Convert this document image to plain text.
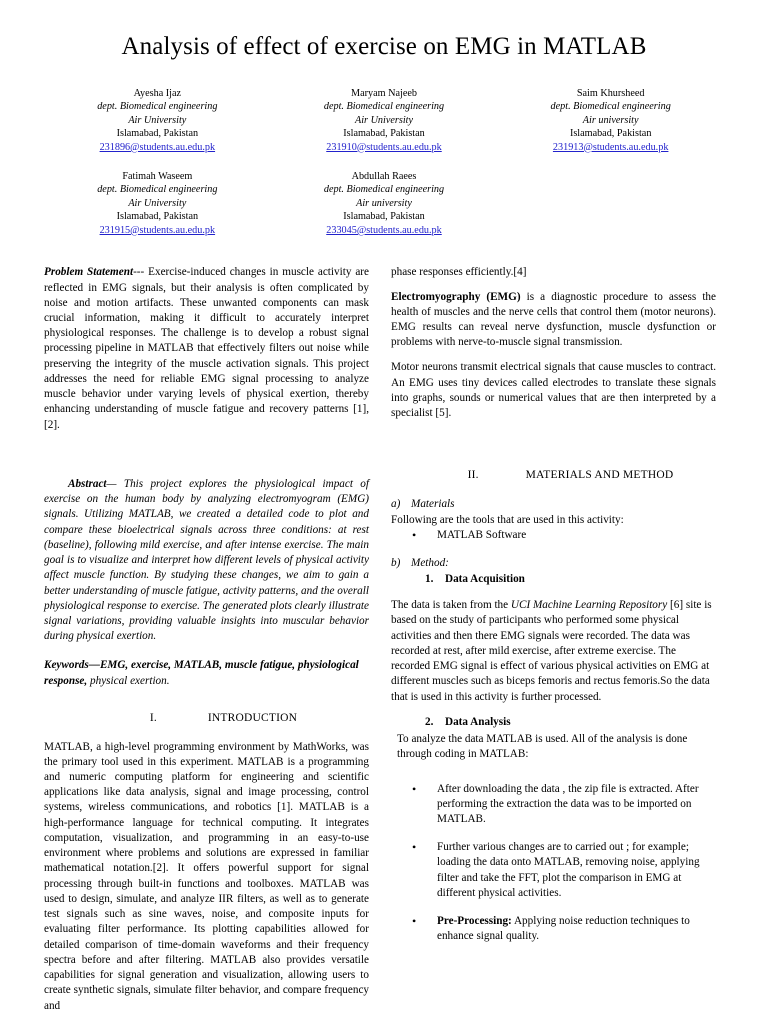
Analysis of effect of exercise on EMG in MATLAB
Ayesha Ijaz
dept. Biomedical engineering
Air University
Islamabad, Pakistan
231896@students.au.edu.pk
Maryam Najeeb
dept. Biomedical engineering
Air University
Islamabad, Pakistan
231910@students.au.edu.pk
Saim Khursheed
dept. Biomedical engineering
Air university
Islamabad, Pakistan
231913@students.au.edu.pk
Fatimah Waseem
dept. Biomedical engineering
Air University
Islamabad, Pakistan
231915@students.au.edu.pk
Abdullah Raees
dept. Biomedical engineering
Air university
Islamabad, Pakistan
233045@students.au.edu.pk

Problem Statement--- Exercise-induced changes in muscle activity are reflected in EMG signals, but their analysis is often complicated by noise and motion artifacts. These unwanted components can mask crucial information, making it difficult to accurately interpret physiological responses. The challenge is to develop a robust signal processing pipeline in MATLAB that effectively filters out noise while preserving the integrity of the muscle activation signals. This project addresses the need for reliable EMG signal processing to analyze muscle behavior under varying levels of physical exertion, thereby enhancing understanding of muscle fatigue and recovery patterns [1],[2].

Abstract— This project explores the physiological impact of exercise on the human body by analyzing electromyogram (EMG) signals. Utilizing MATLAB, we created a detailed code to plot and compare these bioelectrical signals across three conditions: at rest (baseline), following mild exercise, and after intense exercise. The main goal is to visualize and interpret how different levels of physical activity affect muscle function. By studying these changes, we aim to gain a better understanding of muscle fatigue, activity patterns, and the overall physiological response to exercise. The generated plots clearly illustrate signal variations, providing valuable insights into muscular behavior during physical exertion.

Keywords—EMG, exercise, MATLAB, muscle fatigue, physiological response, physical exertion.
I.	INTRODUCTION

MATLAB, a high-level programming environment by MathWorks, was the primary tool used in this experiment. MATLAB is a programming and numeric computing platform for engineering and scientific applications like data analysis, signal and image processing, control systems, wireless communications, and robotics [1]. MATLAB is a high-performance language for technical computing. It integrates computation, visualization, and programming in an easy-to-use environment where problems and solutions are expressed in familiar mathematical notation.[2]. It offers powerful support for signal processing through built-in functions and toolboxes. MATLAB was used to design, simulate, and analyze IIR filters, as well as to generate test signals such as sine waves, noise, and composite inputs for evaluating filter performance. Its plotting capabilities allowed for detailed comparison of time-domain waveforms and their frequency spectra before and after filtering. MATLAB also provides versatile capabilities for signal generation and visualization, allowing users to create synthetic signals, simulate filter behavior, and compare frequency and

phase responses efficiently.[4]

Electromyography (EMG) is a diagnostic procedure to assess the health of muscles and the nerve cells that control them (motor neurons). EMG results can reveal nerve dysfunction, muscle dysfunction or problems with nerve-to-muscle signal transmission.

Motor neurons transmit electrical signals that cause muscles to contract. An EMG uses tiny devices called electrodes to translate these signals into graphs, sounds or numerical values that are then interpreted by a specialist [5].

II.	MATERIALS AND METHOD
a) Materials

Following are the tools that are used in this activity:

• MATLAB Software
b) Method:
1. Data Acquisition

The data is taken from the UCI Machine Learning Repository [6] site is based on the study of participants who performed some physical activities and then there EMG signals were recorded. The data was recorded at rest, after mild exercise, after extreme exercise. The recorded EMG signal is effect of various physical activities on EMG at different muscles such as biceps femoris and rectus femoris.So the data that is used in this activity is further processed.

2. Data Analysis

To analyze the data MATLAB is used. All of the analysis is done through coding in MATLAB:

• After downloading the data , the zip file is extracted. After performing the extraction the data was to be imported on MATLAB.
• Further various changes are to carried out ; for example; loading the data onto MATLAB, removing noise, applying filter and take the FFT, plot the comparison in EMG at different physical activities.
• Pre-Processing: Applying noise reduction techniques to enhance signal quality.
